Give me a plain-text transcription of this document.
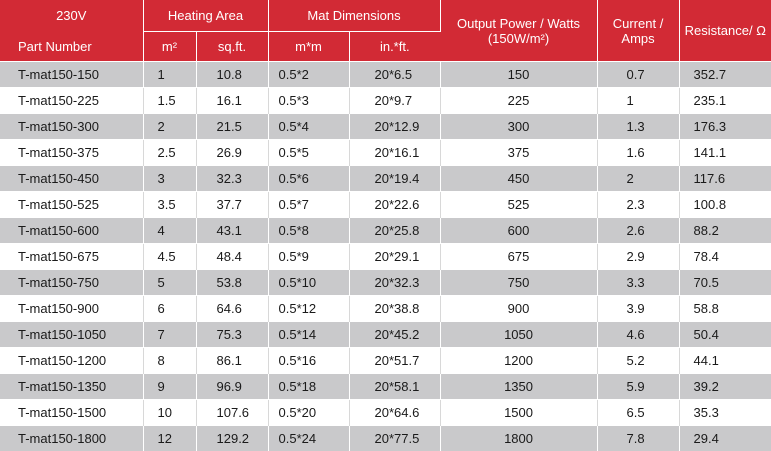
230V	Heating Area		Mat Dimensions		Output Power / Watts (150W/m²)	Current / Amps	Resistance/ Ω
Part Number	m²	sq.ft.	m*m	in.*ft.			
T-mat150-150	1	10.8	0.5*2	20*6.5	150	0.7	352.7
T-mat150-225	1.5	16.1	0.5*3	20*9.7	225	1	235.1
T-mat150-300	2	21.5	0.5*4	20*12.9	300	1.3	176.3
T-mat150-375	2.5	26.9	0.5*5	20*16.1	375	1.6	141.1
T-mat150-450	3	32.3	0.5*6	20*19.4	450	2	117.6
T-mat150-525	3.5	37.7	0.5*7	20*22.6	525	2.3	100.8
T-mat150-600	4	43.1	0.5*8	20*25.8	600	2.6	88.2
T-mat150-675	4.5	48.4	0.5*9	20*29.1	675	2.9	78.4
T-mat150-750	5	53.8	0.5*10	20*32.3	750	3.3	70.5
T-mat150-900	6	64.6	0.5*12	20*38.8	900	3.9	58.8
T-mat150-1050	7	75.3	0.5*14	20*45.2	1050	4.6	50.4
T-mat150-1200	8	86.1	0.5*16	20*51.7	1200	5.2	44.1
T-mat150-1350	9	96.9	0.5*18	20*58.1	1350	5.9	39.2
T-mat150-1500	10	107.6	0.5*20	20*64.6	1500	6.5	35.3
T-mat150-1800	12	129.2	0.5*24	20*77.5	1800	7.8	29.4
